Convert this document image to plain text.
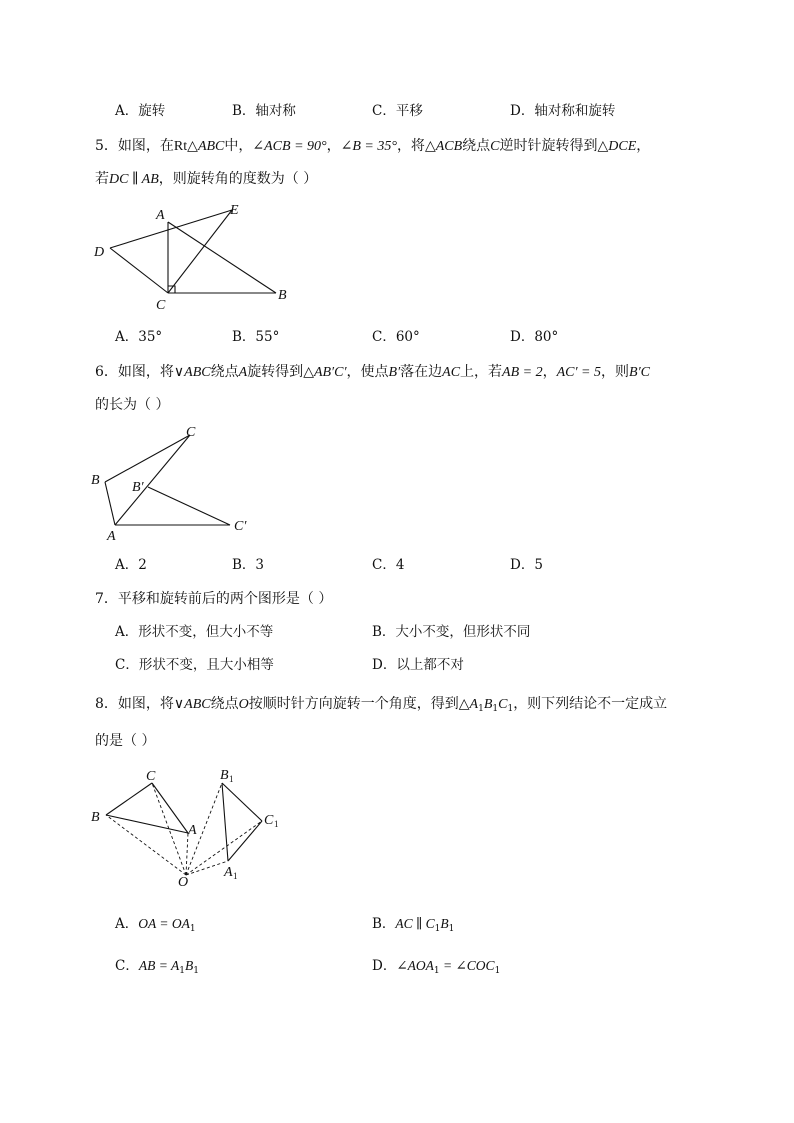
A．旋转	B．轴对称	C．平移	D．轴对称和旋转
5．如图，在Rt△ABC中，∠ACB = 90°，∠B = 35°，将△ACB绕点C逆时针旋转得到△DCE，
若DC ∥ AB，则旋转角的度数为（ ）
A
B
C
D
E
A．35°	B．55°	C．60°	D．80°
6．如图，将∨ABC绕点A旋转得到△AB′C′，使点B′落在边AC上，若AB = 2，AC′ = 5，则B′C
的长为（ ）
B
C
B′
C′
A
A．2	B．3	C．4	D．5
7．平移和旋转前后的两个图形是（ ）
A．形状不变，但大小不等	B．大小不变，但形状不同
C．形状不变，且大小相等	D．以上都不对
8．如图，将∨ABC绕点O按顺时针方向旋转一个角度，得到$\triangle A_1B_1C_1$，则下列结论不一定成立
的是（ ）
B
C
A
O
B 1
C 1
A 1
A．OA = $OA_1$	B．AC ∥ $C_1B_1$
C．AB = $A_1B_1$	D．$\angle AOA_1$ = $\angle COC_1$
